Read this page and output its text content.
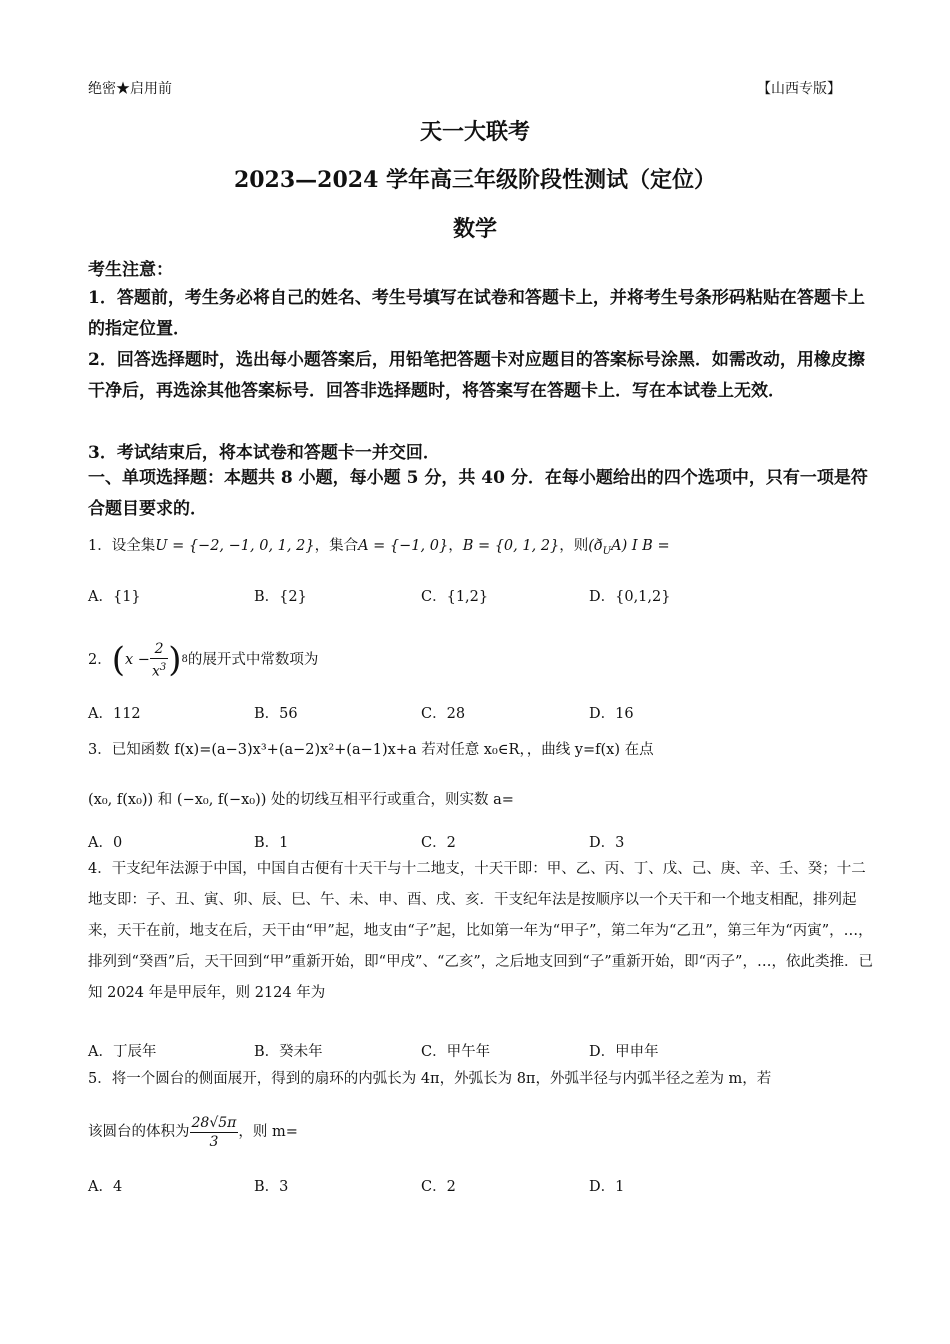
绝密★启用前	【山西专版】
天一大联考
2023—2024 学年高三年级阶段性测试（定位）
数学
考生注意：
1．答题前，考生务必将自己的姓名、考生号填写在试卷和答题卡上，并将考生号条形码粘贴在答题卡上的指定位置．
2．回答选择题时，选出每小题答案后，用铅笔把答题卡对应题目的答案标号涂黑．如需改动，用橡皮擦干净后，再选涂其他答案标号．回答非选择题时，将答案写在答题卡上．写在本试卷上无效．
3．考试结束后，将本试卷和答题卡一并交回．
一、单项选择题：本题共 8 小题，每小题 5 分，共 40 分．在每小题给出的四个选项中，只有一项是符合题目要求的．
1．设全集U = {−2, −1, 0, 1, 2}，集合A = {−1, 0}，B = {0, 1, 2}，则$(ð_UA)$ I B =
A．{1}	B．{2}	C．{1,2}	D．{0,1,2}
2．$(x - \frac{2}{x^3} )^8$的展开式中常数项为
A．112	B．56	C．28	D．16
3．已知函数 f(x)=(a−3)x³+(a−2)x²+(a−1)x+a 若对任意 x₀∈R，，曲线 y=f(x) 在点
(x₀, f(x₀)) 和 (−x₀, f(−x₀)) 处的切线互相平行或重合，则实数 a=
A．0	B．1	C．2	D．3
4．干支纪年法源于中国，中国自古便有十天干与十二地支，十天干即：甲、乙、丙、丁、戊、己、庚、辛、壬、癸；十二地支即：子、丑、寅、卯、辰、巳、午、未、申、酉、戌、亥．干支纪年法是按顺序以一个天干和一个地支相配，排列起来，天干在前，地支在后，天干由“甲”起，地支由“子”起，比如第一年为“甲子”，第二年为“乙丑”，第三年为“丙寅”，…，排列到“癸酉”后，天干回到“甲”重新开始，即“甲戌”、“乙亥”，之后地支回到“子”重新开始，即“丙子”，…，依此类推．已知 2024 年是甲辰年，则 2124 年为
A．丁辰年	B．癸未年	C．甲午年	D．甲申年
5．将一个圆台的侧面展开，得到的扇环的内弧长为 4π，外弧长为 8π，外弧半径与内弧半径之差为 m，若
该圆台的体积为 $\frac{28√5\pi}{3}$ ，则 m=
A．4	B．3	C．2	D．1
